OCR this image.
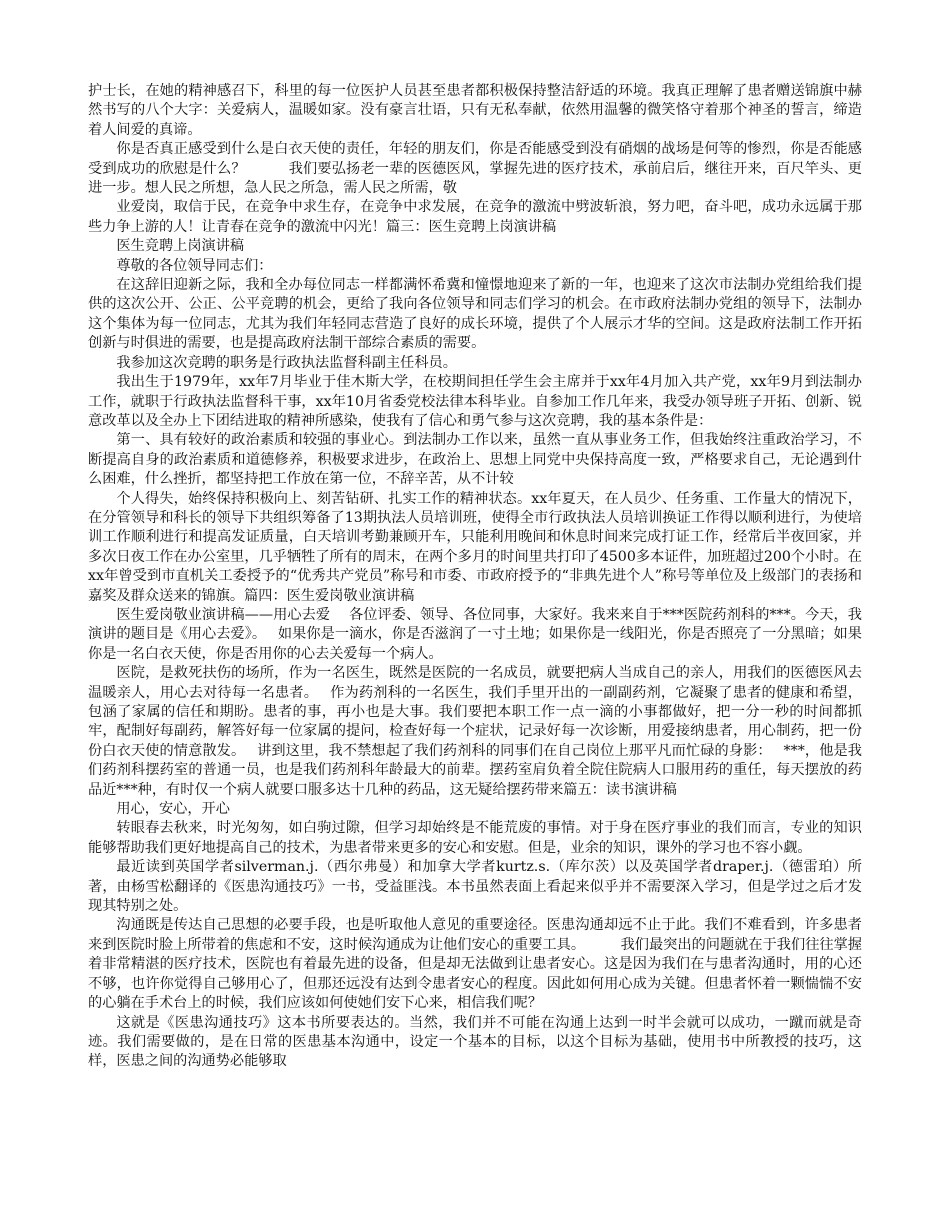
护士长，在她的精神感召下，科里的每一位医护人员甚至患者都积极保持整洁舒适的环境。我真正理解了患者赠送锦旗中赫然书写的八个大字：关爱病人，温暖如家。没有豪言壮语，只有无私奉献，依然用温馨的微笑恪守着那个神圣的誓言，缔造着人间爱的真谛。

你是否真正感受到什么是白衣天使的责任，年轻的朋友们，你是否能感受到没有硝烟的战场是何等的惨烈，你是否能感受到成功的欣慰是什么？　　　我们要弘扬老一辈的医德医风，掌握先进的医疗技术，承前启后，继往开来，百尺竿头、更进一步。想人民之所想，急人民之所急，需人民之所需，敬

业爱岗，取信于民，在竞争中求生存，在竞争中求发展，在竞争的激流中劈波斩浪，努力吧，奋斗吧，成功永远属于那些力争上游的人！让青春在竞争的激流中闪光！篇三：医生竞聘上岗演讲稿

医生竞聘上岗演讲稿

尊敬的各位领导同志们：

在这辞旧迎新之际，我和全办每位同志一样都满怀希冀和憧憬地迎来了新的一年，也迎来了这次市法制办党组给我们提供的这次公开、公正、公平竞聘的机会，更给了我向各位领导和同志们学习的机会。在市政府法制办党组的领导下，法制办这个集体为每一位同志，尤其为我们年轻同志营造了良好的成长环境，提供了个人展示才华的空间。这是政府法制工作开拓创新与时俱进的需要，也是提高政府法制干部综合素质的需要。

我参加这次竞聘的职务是行政执法监督科副主任科员。

我出生于1979年，xx年7月毕业于佳木斯大学，在校期间担任学生会主席并于xx年4月加入共产党，xx年9月到法制办工作，就职于行政执法监督科干事，xx年10月省委党校法律本科毕业。自参加工作几年来，我受办领导班子开拓、创新、锐意改革以及全办上下团结进取的精神所感染，使我有了信心和勇气参与这次竞聘，我的基本条件是：

第一、具有较好的政治素质和较强的事业心。到法制办工作以来，虽然一直从事业务工作，但我始终注重政治学习，不断提高自身的政治素质和道德修养，积极要求进步，在政治上、思想上同党中央保持高度一致，严格要求自己，无论遇到什么困难，什么挫折，都坚持把工作放在第一位，不辞辛苦，从不计较

个人得失，始终保持积极向上、刻苦钻研、扎实工作的精神状态。xx年夏天，在人员少、任务重、工作量大的情况下，在分管领导和科长的领导下共组织筹备了13期执法人员培训班，使得全市行政执法人员培训换证工作得以顺利进行，为使培训工作顺利进行和提高发证质量，白天培训考勤兼顾开车，只能利用晚间和休息时间来完成打证工作，经常后半夜回家，并多次日夜工作在办公室里，几乎牺牲了所有的周末，在两个多月的时间里共打印了4500多本证件，加班超过200个小时。在xx年曾受到市直机关工委授予的“优秀共产党员”称号和市委、市政府授予的“非典先进个人”称号等单位及上级部门的表扬和嘉奖及群众送来的锦旗。篇四：医生爱岗敬业演讲稿

医生爱岗敬业演讲稿——用心去爱　 各位评委、领导、各位同事，大家好。我来来自于***医院药剂科的***。今天，我演讲的题目是《用心去爱》。　 如果你是一滴水，你是否滋润了一寸土地；如果你是一线阳光，你是否照亮了一分黑暗；如果你是一名白衣天使，你是否用你的心去关爱每一个病人。

医院，是救死扶伤的场所，作为一名医生，既然是医院的一名成员，就要把病人当成自己的亲人，用我们的医德医风去温暖亲人，用心去对待每一名患者。　 作为药剂科的一名医生，我们手里开出的一副副药剂，它凝聚了患者的健康和希望，包涵了家属的信任和期盼。患者的事，再小也是大事。我们要把本职工作一点一滴的小事都做好，把一分一秒的时间都抓牢，配制好每副药，解答好每一位家属的提问，检查好每一个症状，记录好每一次诊断，用爱接纳患者，用心制药，把一份份白衣天使的情意散发。　 讲到这里，我不禁想起了我们药剂科的同事们在自己岗位上那平凡而忙碌的身影：　 ***，他是我们药剂科摆药室的普通一员，也是我们药剂科年龄最大的前辈。摆药室肩负着全院住院病人口服用药的重任，每天摆放的药品近***种，有时仅一个病人就要口服多达十几种的药品，这无疑给摆药带来篇五：读书演讲稿

用心，安心，开心

转眼春去秋来，时光匆匆，如白驹过隙，但学习却始终是不能荒废的事情。对于身在医疗事业的我们而言，专业的知识能够帮助我们更好地提高自己的技术，为患者带来更多的安心和安慰。但是，业余的知识，课外的学习也不容小觑。

最近读到英国学者silverman.j.（西尔弗曼）和加拿大学者kurtz.s.（库尔茨）以及英国学者draper.j.（德雷珀）所著，由杨雪松翻译的《医患沟通技巧》一书，受益匪浅。本书虽然表面上看起来似乎并不需要深入学习，但是学过之后才发现其特别之处。

沟通既是传达自己思想的必要手段，也是听取他人意见的重要途径。医患沟通却远不止于此。我们不难看到，许多患者来到医院时脸上所带着的焦虑和不安，这时候沟通成为让他们安心的重要工具。　　　我们最突出的问题就在于我们往往掌握着非常精湛的医疗技术，医院也有着最先进的设备，但是却无法做到让患者安心。这是因为我们在与患者沟通时，用的心还不够，也许你觉得自己够用心了，但那还远没有达到令患者安心的程度。因此如何用心成为关键。但患者怀着一颗惴惴不安的心躺在手术台上的时候，我们应该如何使她们安下心来，相信我们呢？

这就是《医患沟通技巧》这本书所要表达的。当然，我们并不可能在沟通上达到一时半会就可以成功，一蹴而就是奇迹。我们需要做的，是在日常的医患基本沟通中，设定一个基本的目标，以这个目标为基础，使用书中所教授的技巧，这样，医患之间的沟通势必能够取
